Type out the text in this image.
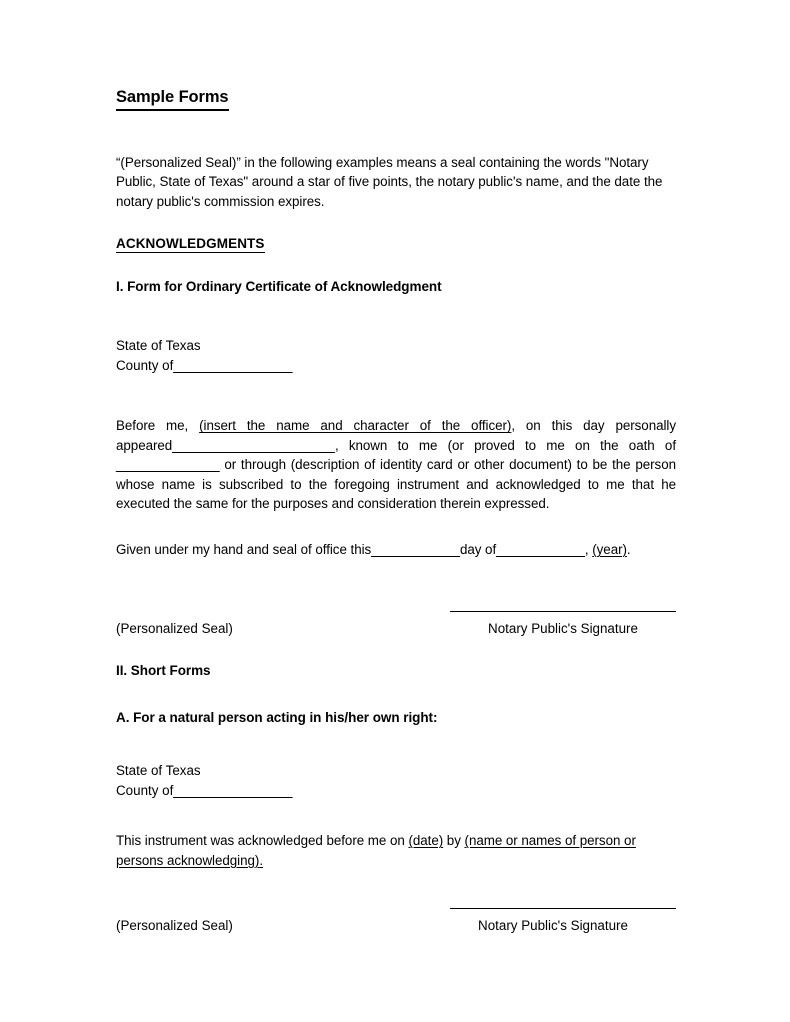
Sample Forms

“(Personalized Seal)” in the following examples means a seal containing the words "Notary Public, State of Texas" around a star of five points, the notary public's name, and the date the notary public's commission expires.

ACKNOWLEDGMENTS

I. Form for Ordinary Certificate of Acknowledgment

State of Texas
County of________________

Before me, (insert the name and character of the officer), on this day personally appeared______________________, known to me (or proved to me on the oath of ______________ or through (description of identity card or other document) to be the person whose name is subscribed to the foregoing instrument and acknowledged to me that he executed the same for the purposes and consideration therein expressed.

Given under my hand and seal of office this____________day of____________, (year).

(Personalized Seal)	Notary Public's Signature

II. Short Forms

A. For a natural person acting in his/her own right:

State of Texas
County of________________

This instrument was acknowledged before me on (date) by (name or names of person or persons acknowledging).

(Personalized Seal)	Notary Public's Signature
